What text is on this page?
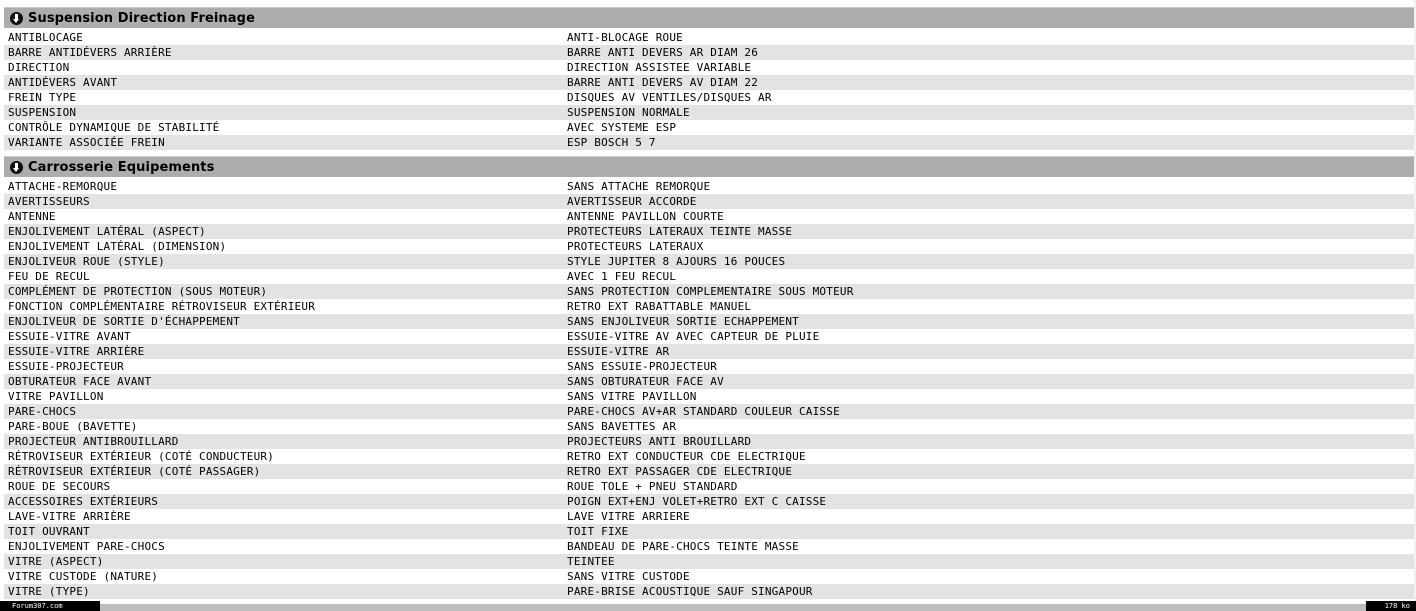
Suspension Direction Freinage
ANTIBLOCAGE	ANTI-BLOCAGE ROUE
BARRE ANTIDÉVERS ARRIÈRE	BARRE ANTI DEVERS AR DIAM 26
DIRECTION	DIRECTION ASSISTEE VARIABLE
ANTIDÉVERS AVANT	BARRE ANTI DEVERS AV DIAM 22
FREIN TYPE	DISQUES AV VENTILES/DISQUES AR
SUSPENSION	SUSPENSION NORMALE
CONTRÔLE DYNAMIQUE DE STABILITÉ	AVEC SYSTEME ESP
VARIANTE ASSOCIÉE FREIN	ESP BOSCH 5 7
Carrosserie Equipements
ATTACHE-REMORQUE	SANS ATTACHE REMORQUE
AVERTISSEURS	AVERTISSEUR ACCORDE
ANTENNE	ANTENNE PAVILLON COURTE
ENJOLIVEMENT LATÉRAL (ASPECT)	PROTECTEURS LATERAUX TEINTE MASSE
ENJOLIVEMENT LATÉRAL (DIMENSION)	PROTECTEURS LATERAUX
ENJOLIVEUR ROUE (STYLE)	STYLE JUPITER 8 AJOURS 16 POUCES
FEU DE RECUL	AVEC 1 FEU RECUL
COMPLÉMENT DE PROTECTION (SOUS MOTEUR)	SANS PROTECTION COMPLEMENTAIRE SOUS MOTEUR
FONCTION COMPLÉMENTAIRE RÉTROVISEUR EXTÉRIEUR	RETRO EXT RABATTABLE MANUEL
ENJOLIVEUR DE SORTIE D'ÉCHAPPEMENT	SANS ENJOLIVEUR SORTIE ECHAPPEMENT
ESSUIE-VITRE AVANT	ESSUIE-VITRE AV AVEC CAPTEUR DE PLUIE
ESSUIE-VITRE ARRIÈRE	ESSUIE-VITRE AR
ESSUIE-PROJECTEUR	SANS ESSUIE-PROJECTEUR
OBTURATEUR FACE AVANT	SANS OBTURATEUR FACE AV
VITRE PAVILLON	SANS VITRE PAVILLON
PARE-CHOCS	PARE-CHOCS AV+AR STANDARD COULEUR CAISSE
PARE-BOUE (BAVETTE)	SANS BAVETTES AR
PROJECTEUR ANTIBROUILLARD	PROJECTEURS ANTI BROUILLARD
RÉTROVISEUR EXTÉRIEUR (COTÉ CONDUCTEUR)	RETRO EXT CONDUCTEUR CDE ELECTRIQUE
RÉTROVISEUR EXTÉRIEUR (COTÉ PASSAGER)	RETRO EXT PASSAGER CDE ELECTRIQUE
ROUE DE SECOURS	ROUE TOLE + PNEU STANDARD
ACCESSOIRES EXTÉRIEURS	POIGN EXT+ENJ VOLET+RETRO EXT C CAISSE
LAVE-VITRE ARRIÈRE	LAVE VITRE ARRIERE
TOIT OUVRANT	TOIT FIXE
ENJOLIVEMENT PARE-CHOCS	BANDEAU DE PARE-CHOCS TEINTE MASSE
VITRE (ASPECT)	TEINTEE
VITRE CUSTODE (NATURE)	SANS VITRE CUSTODE
VITRE (TYPE)	PARE-BRISE ACOUSTIQUE SAUF SINGAPOUR
Forum307.com	178 ko
